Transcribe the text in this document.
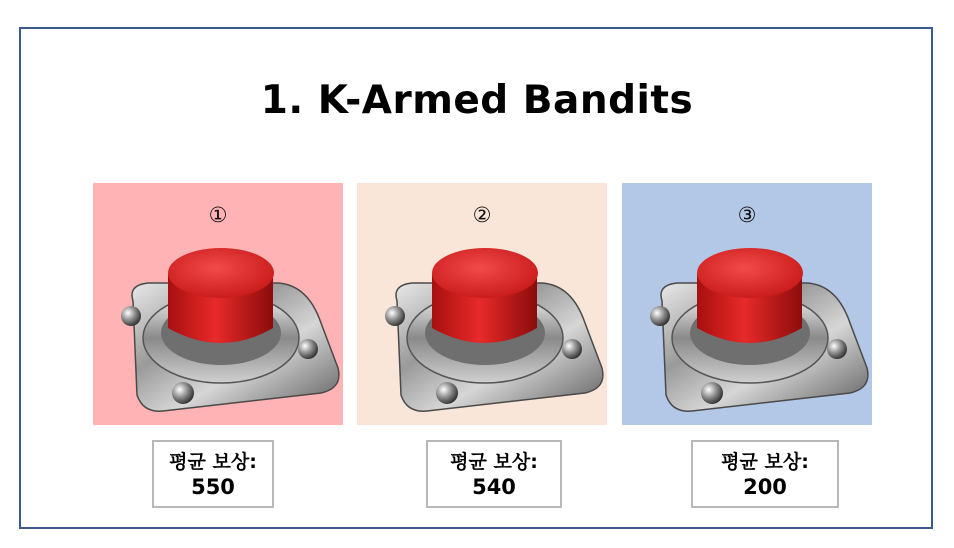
1. K-Armed Bandits
①	②	③
평균 보상:
550
평균 보상:
540
평균 보상:
200
